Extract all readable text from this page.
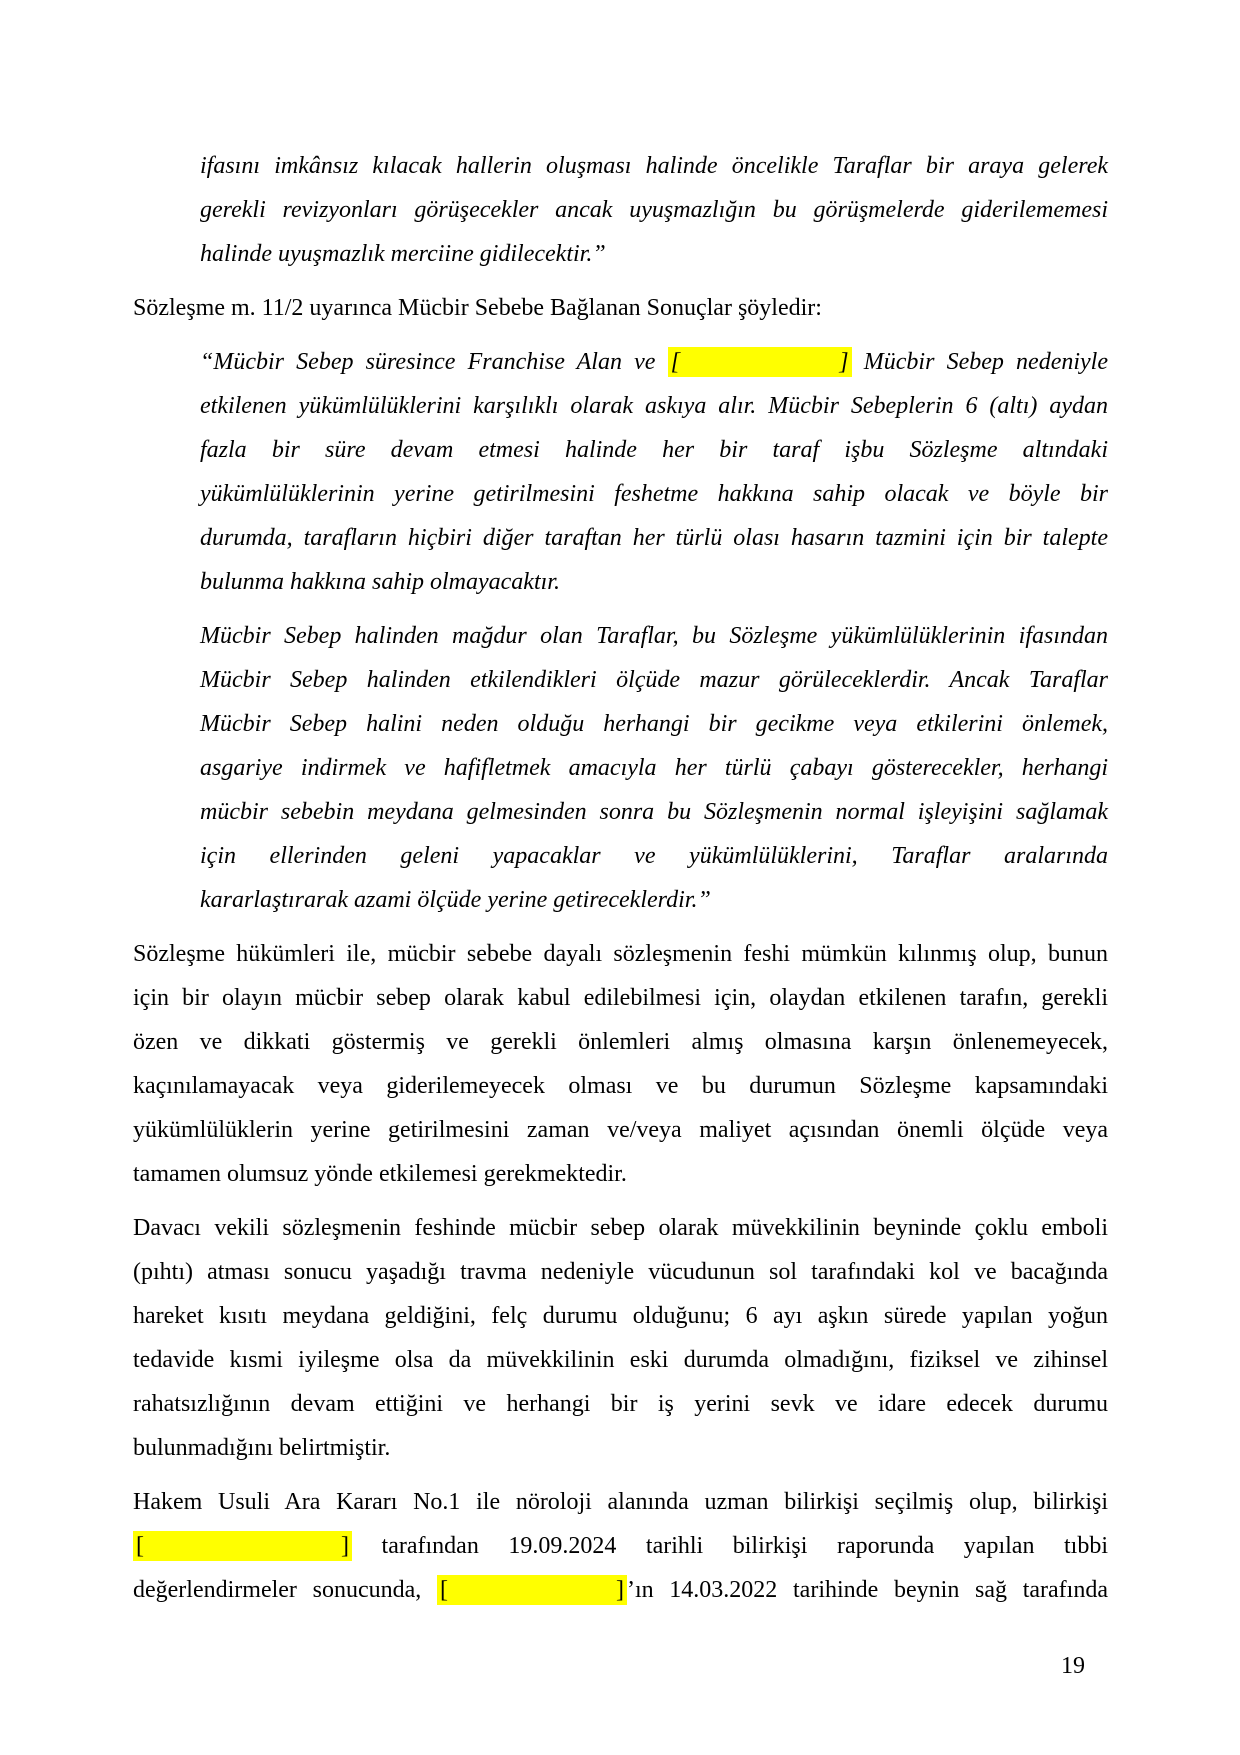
ifasını imkânsız kılacak hallerin oluşması halinde öncelikle Taraflar bir araya gelerek
gerekli revizyonları görüşecekler ancak uyuşmazlığın bu görüşmelerde giderilememesi
halinde uyuşmazlık merciine gidilecektir.”
Sözleşme m. 11/2 uyarınca Mücbir Sebebe Bağlanan Sonuçlar şöyledir:
“Mücbir Sebep süresince Franchise Alan ve [	] Mücbir Sebep nedeniyle
etkilenen yükümlülüklerini karşılıklı olarak askıya alır. Mücbir Sebeplerin 6 (altı) aydan
fazla bir süre devam etmesi halinde her bir taraf işbu Sözleşme altındaki
yükümlülüklerinin yerine getirilmesini feshetme hakkına sahip olacak ve böyle bir
durumda, tarafların hiçbiri diğer taraftan her türlü olası hasarın tazmini için bir talepte
bulunma hakkına sahip olmayacaktır.
Mücbir Sebep halinden mağdur olan Taraflar, bu Sözleşme yükümlülüklerinin ifasından
Mücbir Sebep halinden etkilendikleri ölçüde mazur görüleceklerdir. Ancak Taraflar
Mücbir Sebep halini neden olduğu herhangi bir gecikme veya etkilerini önlemek,
asgariye indirmek ve hafifletmek amacıyla her türlü çabayı gösterecekler, herhangi
mücbir sebebin meydana gelmesinden sonra bu Sözleşmenin normal işleyişini sağlamak
için ellerinden geleni yapacaklar ve yükümlülüklerini, Taraflar aralarında
kararlaştırarak azami ölçüde yerine getireceklerdir.”
Sözleşme hükümleri ile, mücbir sebebe dayalı sözleşmenin feshi mümkün kılınmış olup, bunun
için bir olayın mücbir sebep olarak kabul edilebilmesi için, olaydan etkilenen tarafın, gerekli
özen ve dikkati göstermiş ve gerekli önlemleri almış olmasına karşın önlenemeyecek,
kaçınılamayacak veya giderilemeyecek olması ve bu durumun Sözleşme kapsamındaki
yükümlülüklerin yerine getirilmesini zaman ve/veya maliyet açısından önemli ölçüde veya
tamamen olumsuz yönde etkilemesi gerekmektedir.
Davacı vekili sözleşmenin feshinde mücbir sebep olarak müvekkilinin beyninde çoklu emboli
(pıhtı) atması sonucu yaşadığı travma nedeniyle vücudunun sol tarafındaki kol ve bacağında
hareket kısıtı meydana geldiğini, felç durumu olduğunu; 6 ayı aşkın sürede yapılan yoğun
tedavide kısmi iyileşme olsa da müvekkilinin eski durumda olmadığını, fiziksel ve zihinsel
rahatsızlığının devam ettiğini ve herhangi bir iş yerini sevk ve idare edecek durumu
bulunmadığını belirtmiştir.
Hakem Usuli Ara Kararı No.1 ile nöroloji alanında uzman bilirkişi seçilmiş olup, bilirkişi
[	] tarafından 19.09.2024 tarihli bilirkişi raporunda yapılan tıbbi
değerlendirmeler sonucunda, [	] ’ın 14.03.2022 tarihinde beynin sağ tarafında
19
